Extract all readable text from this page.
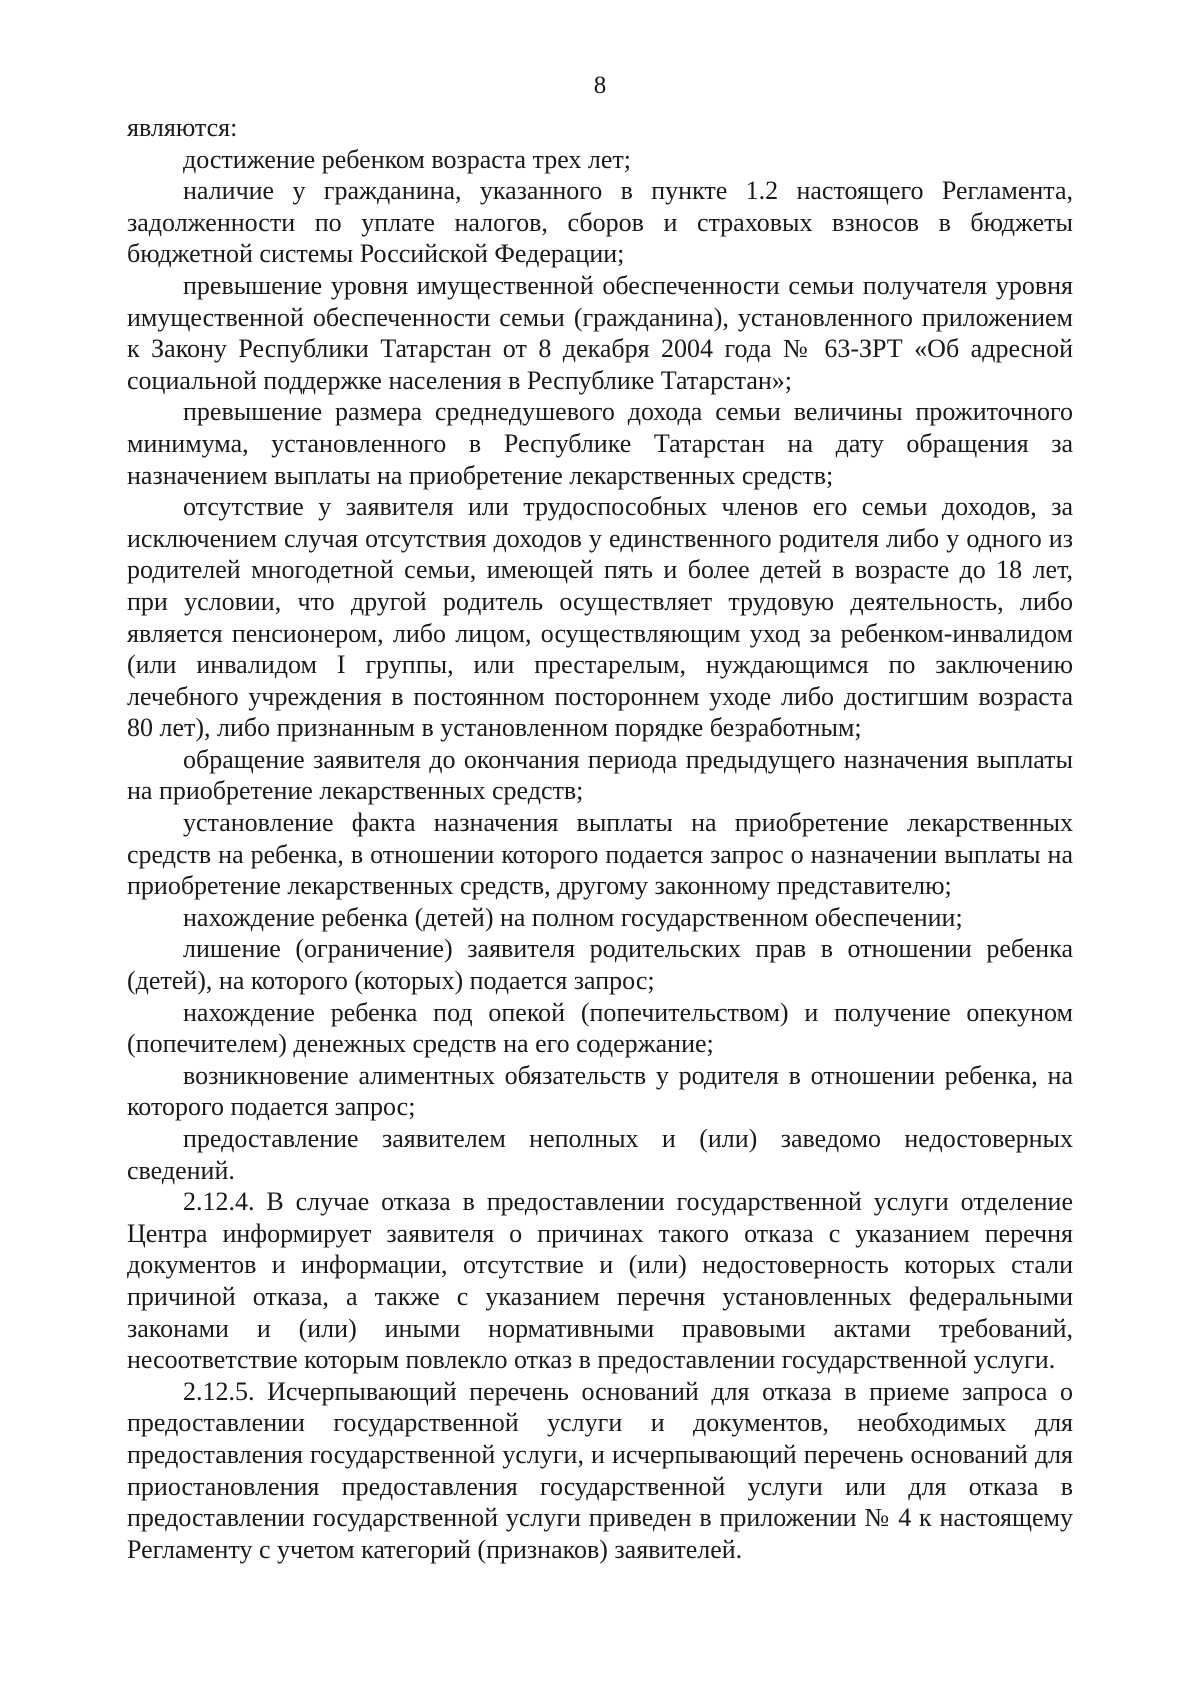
8

являются:

достижение ребенком возраста трех лет;

наличие у гражданина, указанного в пункте 1.2 настоящего Регламента, задолженности по уплате налогов, сборов и страховых взносов в бюджеты бюджетной системы Российской Федерации;

превышение уровня имущественной обеспеченности семьи получателя уровня имущественной обеспеченности семьи (гражданина), установленного приложением к Закону Республики Татарстан от 8 декабря 2004 года № 63-ЗРТ «Об адресной социальной поддержке населения в Республике Татарстан»;

превышение размера среднедушевого дохода семьи величины прожиточного минимума, установленного в Республике Татарстан на дату обращения за назначением выплаты на приобретение лекарственных средств;

отсутствие у заявителя или трудоспособных членов его семьи доходов, за исключением случая отсутствия доходов у единственного родителя либо у одного из родителей многодетной семьи, имеющей пять и более детей в возрасте до 18 лет, при условии, что другой родитель осуществляет трудовую деятельность, либо является пенсионером, либо лицом, осуществляющим уход за ребенком-инвалидом (или инвалидом I группы, или престарелым, нуждающимся по заключению лечебного учреждения в постоянном постороннем уходе либо достигшим возраста 80 лет), либо признанным в установленном порядке безработным;

обращение заявителя до окончания периода предыдущего назначения выплаты на приобретение лекарственных средств;

установление факта назначения выплаты на приобретение лекарственных средств на ребенка, в отношении которого подается запрос о назначении выплаты на приобретение лекарственных средств, другому законному представителю;

нахождение ребенка (детей) на полном государственном обеспечении;

лишение (ограничение) заявителя родительских прав в отношении ребенка (детей), на которого (которых) подается запрос;

нахождение ребенка под опекой (попечительством) и получение опекуном (попечителем) денежных средств на его содержание;

возникновение алиментных обязательств у родителя в отношении ребенка, на которого подается запрос;

предоставление заявителем неполных и (или) заведомо недостоверных сведений.

2.12.4. В случае отказа в предоставлении государственной услуги отделение Центра информирует заявителя о причинах такого отказа с указанием перечня документов и информации, отсутствие и (или) недостоверность которых стали причиной отказа, а также с указанием перечня установленных федеральными законами и (или) иными нормативными правовыми актами требований, несоответствие которым повлекло отказ в предоставлении государственной услуги.

2.12.5. Исчерпывающий перечень оснований для отказа в приеме запроса о предоставлении государственной услуги и документов, необходимых для предоставления государственной услуги, и исчерпывающий перечень оснований для приостановления предоставления государственной услуги или для отказа в предоставлении государственной услуги приведен в приложении № 4 к настоящему Регламенту с учетом категорий (признаков) заявителей.
